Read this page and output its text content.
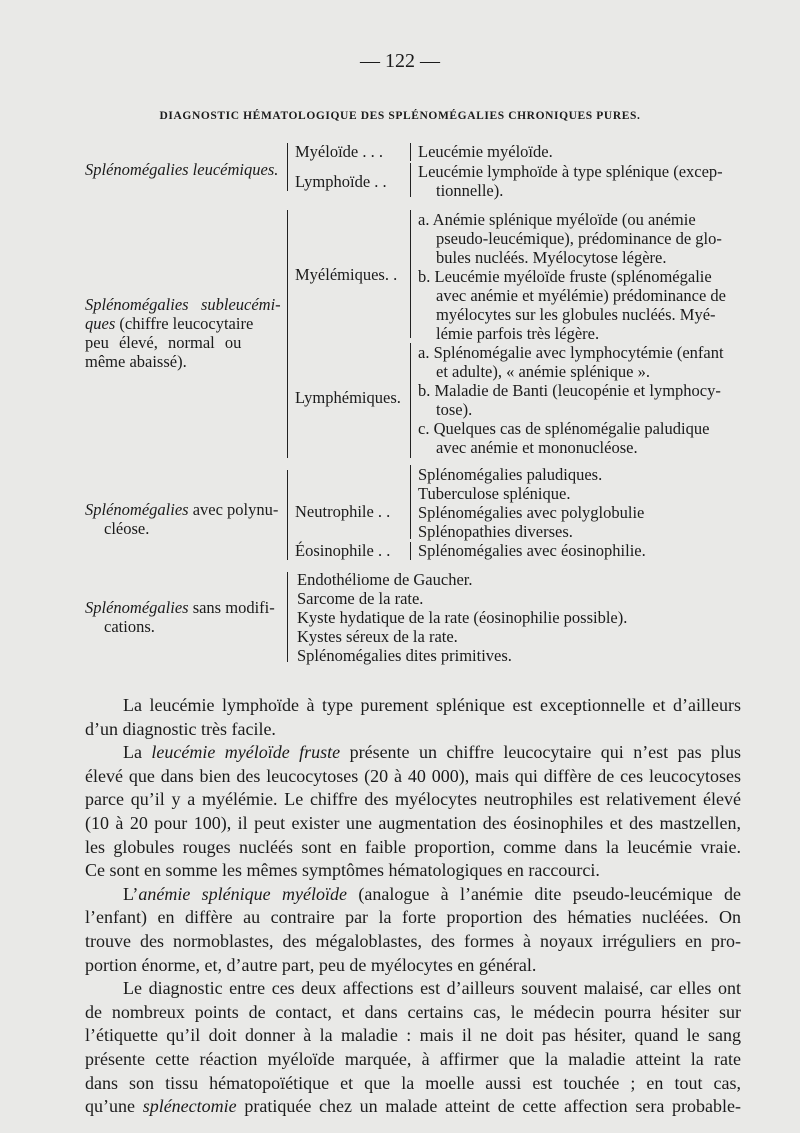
— 122 —
DIAGNOSTIC HÉMATOLOGIQUE DES SPLÉNOMÉGALIES CHRONIQUES PURES.
Splénomégalies leucémiques.
Myéloïde . . .
Lymphoïde . .
Leucémie myéloïde.
Leucémie lymphoïde à type splénique (excep-
tionnelle).
Splénomégalies subleucémi-
ques (chiffre leucocytaire
peu élevé, normal ou
même abaissé).
Myélémiques. .
a. Anémie splénique myéloïde (ou anémie
pseudo-leucémique), prédominance de glo-
bules nucléés. Myélocytose légère.
b. Leucémie myéloïde fruste (splénomégalie
avec anémie et myélémie) prédominance de
myélocytes sur les globules nucléés. Myé-
lémie parfois très légère.
Lymphémiques.
a. Splénomégalie avec lymphocytémie (enfant
et adulte), « anémie splénique ».
b. Maladie de Banti (leucopénie et lymphocy-
tose).
c. Quelques cas de splénomégalie paludique
avec anémie et mononucléose.
Splénomégalies avec polynu-
cléose.
Neutrophile . .
Splénomégalies paludiques.
Tuberculose splénique.
Splénomégalies avec polyglobulie
Splénopathies diverses.
Éosinophile . . Splénomégalies avec éosinophilie.
Splénomégalies sans modifi-
cations.
Endothéliome de Gaucher.
Sarcome de la rate.
Kyste hydatique de la rate (éosinophilie possible).
Kystes séreux de la rate.
Splénomégalies dites primitives.

La leucémie lymphoïde à type purement splénique est exceptionnelle et d’ailleurs
d’un diagnostic très facile.

La leucémie myéloïde fruste présente un chiffre leucocytaire qui n’est pas plus
élevé que dans bien des leucocytoses (20 à 40 000), mais qui diffère de ces leucocytoses
parce qu’il y a myélémie. Le chiffre des myélocytes neutrophiles est relativement élevé
(10 à 20 pour 100), il peut exister une augmentation des éosinophiles et des mastzellen,
les globules rouges nucléés sont en faible proportion, comme dans la leucémie vraie.
Ce sont en somme les mêmes symptômes hématologiques en raccourci.

L’anémie splénique myéloïde (analogue à l’anémie dite pseudo-leucémique de
l’enfant) en diffère au contraire par la forte proportion des hématies nucléées. On
trouve des normoblastes, des mégaloblastes, des formes à noyaux irréguliers en pro-
portion énorme, et, d’autre part, peu de myélocytes en général.

Le diagnostic entre ces deux affections est d’ailleurs souvent malaisé, car elles ont
de nombreux points de contact, et dans certains cas, le médecin pourra hésiter sur
l’étiquette qu’il doit donner à la maladie : mais il ne doit pas hésiter, quand le sang
présente cette réaction myéloïde marquée, à affirmer que la maladie atteint la rate
dans son tissu hématopoïétique et que la moelle aussi est touchée ; en tout cas,
qu’une splénectomie pratiquée chez un malade atteint de cette affection sera probable-
